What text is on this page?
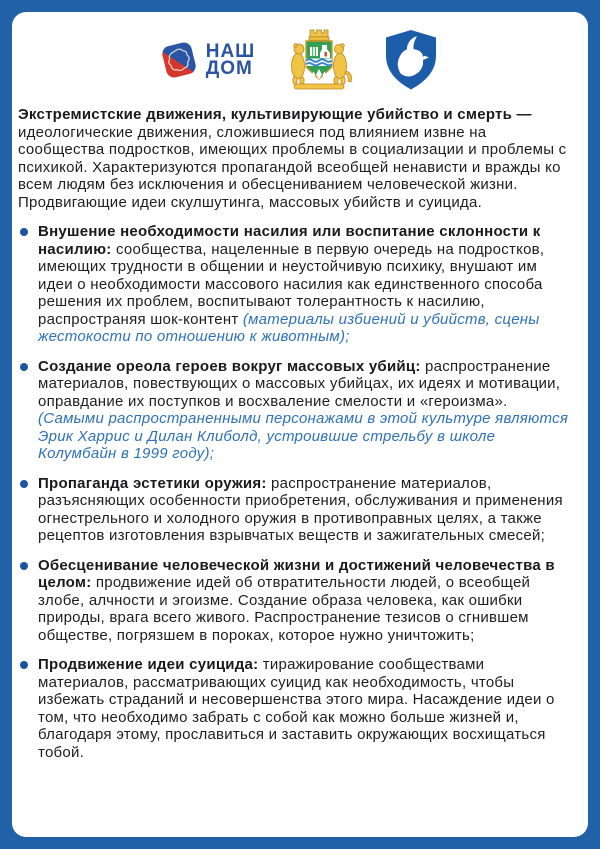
НАШ
ДОМ

Экстремистские движения, культивирующие убийство и смерть — идеологические движения, сложившиеся под влиянием извне на сообщества подростков, имеющих проблемы в социализации и проблемы с психикой. Характеризуются пропагандой всеобщей ненависти и вражды ко всем людям без исключения и обесцениванием человеческой жизни. Продвигающие идеи скулшутинга, массовых убийств и суицида.

Внушение необходимости насилия или воспитание склонности к насилию: сообщества, нацеленные в первую очередь на подростков, имеющих трудности в общении и неустойчивую психику, внушают им идеи о необходимости массового насилия как единственного способа решения их проблем, воспитывают толерантность к насилию, распространяя шок-контент (материалы избиений и убийств, сцены жестокости по отношению к животным);
Создание ореола героев вокруг массовых убийц: распространение материалов, повествующих о массовых убийцах, их идеях и мотивации, оправдание их поступков и восхваление смелости и «героизма».
(Самыми распространенными персонажами в этой культуре являются Эрик Харрис и Дилан Клиболд, устроившие стрельбу в школе Колумбайн в 1999 году);
Пропаганда эстетики оружия: распространение материалов, разъясняющих особенности приобретения, обслуживания и применения огнестрельного и холодного оружия в противоправных целях, а также рецептов изготовления взрывчатых веществ и зажигательных смесей;
Обесценивание человеческой жизни и достижений человечества в целом: продвижение идей об отвратительности людей, о всеобщей злобе, алчности и эгоизме. Создание образа человека, как ошибки природы, врага всего живого. Распространение тезисов о сгнившем обществе, погрязшем в пороках, которое нужно уничтожить;
Продвижение идеи суицида: тиражирование сообществами материалов, рассматривающих суицид как необходимость, чтобы избежать страданий и несовершенства этого мира. Насаждение идеи о том, что необходимо забрать с собой как можно больше жизней и, благодаря этому, прославиться и заставить окружающих восхищаться тобой.
